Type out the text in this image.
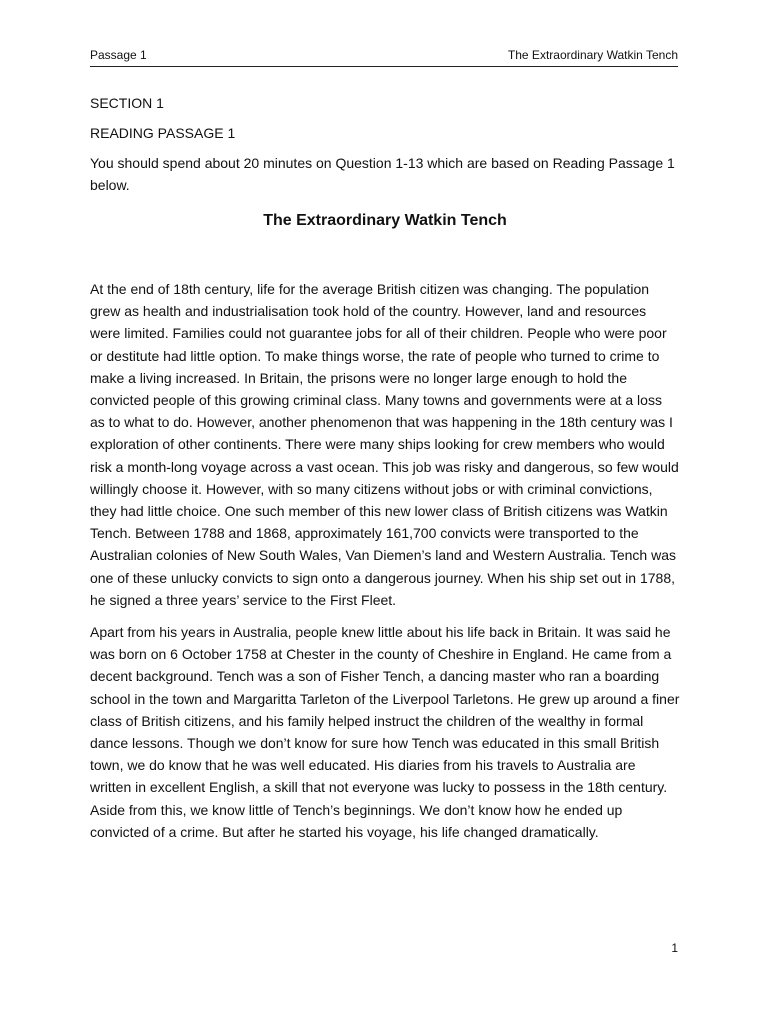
Passage 1	The Extraordinary Watkin Tench

SECTION 1

READING PASSAGE 1

You should spend about 20 minutes on Question 1-13 which are based on Reading Passage 1 below.

The Extraordinary Watkin Tench

At the end of 18th century, life for the average British citizen was changing. The population grew as health and industrialisation took hold of the country. However, land and resources were limited. Families could not guarantee jobs for all of their children. People who were poor or destitute had little option. To make things worse, the rate of people who turned to crime to make a living increased. In Britain, the prisons were no longer large enough to hold the convicted people of this growing criminal class. Many towns and governments were at a loss as to what to do. However, another phenomenon that was happening in the 18th century was I exploration of other continents. There were many ships looking for crew members who would risk a month-long voyage across a vast ocean. This job was risky and dangerous, so few would willingly choose it. However, with so many citizens without jobs or with criminal convictions, they had little choice. One such member of this new lower class of British citizens was Watkin Tench. Between 1788 and 1868, approximately 161,700 convicts were transported to the Australian colonies of New South Wales, Van Diemen’s land and Western Australia. Tench was one of these unlucky convicts to sign onto a dangerous journey. When his ship set out in 1788, he signed a three years’ service to the First Fleet.

Apart from his years in Australia, people knew little about his life back in Britain. It was said he was born on 6 October 1758 at Chester in the county of Cheshire in England. He came from a decent background. Tench was a son of Fisher Tench, a dancing master who ran a boarding school in the town and Margaritta Tarleton of the Liverpool Tarletons. He grew up around a finer class of British citizens, and his family helped instruct the children of the wealthy in formal dance lessons. Though we don’t know for sure how Tench was educated in this small British town, we do know that he was well educated. His diaries from his travels to Australia are written in excellent English, a skill that not everyone was lucky to possess in the 18th century. Aside from this, we know little of Tench’s beginnings. We don’t know how he ended up convicted of a crime. But after he started his voyage, his life changed dramatically.

1
